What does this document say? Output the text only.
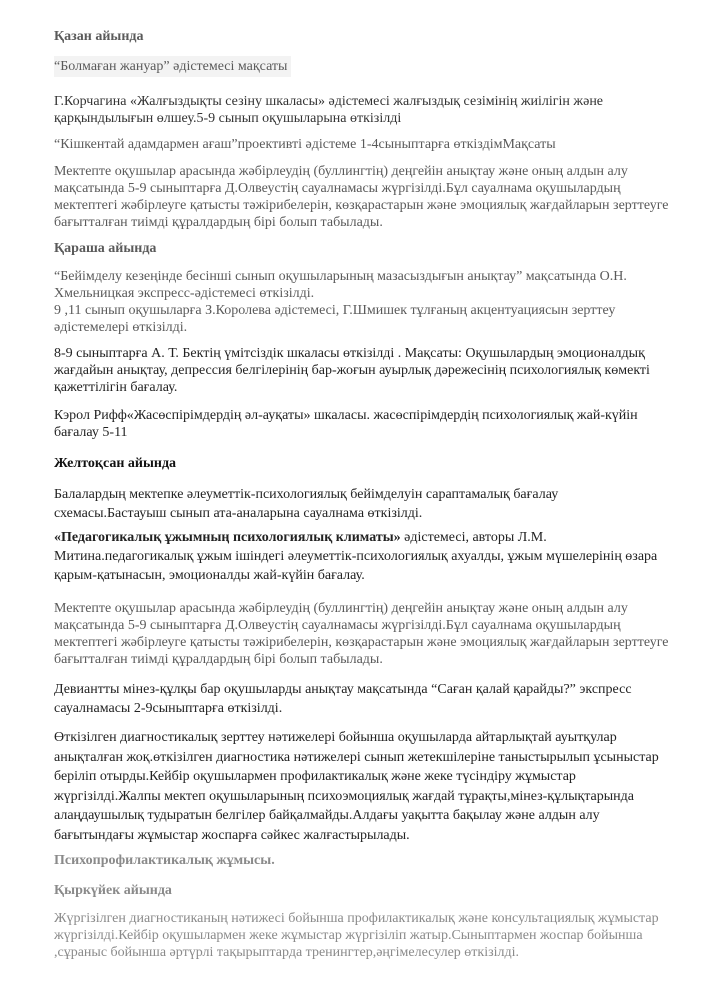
Қазан айында

“Болмаған жануар” әдістемесі мақсаты

Г.Корчагина «Жалғыздықты сезіну шкаласы» әдістемесі жалғыздық сезімінің жиілігін және қарқындылығын өлшеу.5-9 сынып оқушыларына өткізілді

“Кішкентай адамдармен ағаш”проективті әдістеме 1-4сыныптарға өткіздімМақсаты

Мектепте оқушылар арасында жәбірлеудің (буллингтің) деңгейін анықтау және оның алдын алу мақсатында 5-9 сыныптарға Д.Олвеустің сауалнамасы жүргізілді.Бұл сауалнама оқушылардың мектептегі жәбірлеуге қатысты тәжірибелерін, көзқарастарын және эмоциялық жағдайларын зерттеуге бағытталған тиімді құралдардың бірі болып табылады.

Қараша айында

“Бейімделу кезеңінде бесінші сынып оқушыларының мазасыздығын анықтау” мақсатында О.Н. Хмельницкая экспресс-әдістемесі өткізілді.

9 ,11 сынып оқушыларға З.Королева әдістемесі, Г.Шмишек тұлғаның акцентуациясын зерттеу әдістемелері өткізілді.

8-9 сыныптарға А. Т. Бектің үмітсіздік шкаласы өткізілді . Мақсаты: Оқушылардың эмоционалдық жағдайын анықтау, депрессия белгілерінің бар-жоғын ауырлық дәрежесінің психологиялық көмекті қажеттілігін бағалау.

Кэрол Рифф«Жасөспірімдердің әл-ауқаты» шкаласы. жасөспірімдердің психологиялық жай-күйін бағалау 5-11

Желтоқсан айында

Балалардың мектепке әлеуметтік-психологиялық бейімделуін сараптамалық бағалау схемасы.Бастауыш сынып ата-аналарына сауалнама өткізілді.

«Педагогикалық ұжымның психологиялық климаты» әдістемесі, авторы Л.М. Митина.педагогикалық ұжым ішіндегі әлеуметтік-психологиялық ахуалды, ұжым мүшелерінің өзара қарым-қатынасын, эмоционалды жай-күйін бағалау.

Мектепте оқушылар арасында жәбірлеудің (буллингтің) деңгейін анықтау және оның алдын алу мақсатында 5-9 сыныптарға Д.Олвеустің сауалнамасы жүргізілді.Бұл сауалнама оқушылардың мектептегі жәбірлеуге қатысты тәжірибелерін, көзқарастарын және эмоциялық жағдайларын зерттеуге бағытталған тиімді құралдардың бірі болып табылады.

Девиантты мінез-құлқы бар оқушыларды анықтау мақсатында “Саған қалай қарайды?” экспресс сауалнамасы 2-9сыныптарға өткізілді.

Өткізілген диагностикалық зерттеу нәтижелері бойынша оқушыларда айтарлықтай ауытқулар анықталған жоқ.өткізілген диагностика нәтижелері сынып жетекшілеріне таныстырылып ұсыныстар беріліп отырды.Кейбір оқушылармен профилактикалық және жеке түсіндіру жұмыстар жүргізілді.Жалпы мектеп оқушыларының психоэмоциялық жағдай тұрақты,мінез-құлықтарында алаңдаушылық тудыратын белгілер байқалмайды.Алдағы уақытта бақылау және алдын алу бағытындағы жұмыстар жоспарға сәйкес жалғастырылады.

Психопрофилактикалық жұмысы.

Қыркүйек айында

Жүргізілген диагностиканың нәтижесі бойынша профилактикалық және консультациялық жұмыстар жүргізілді.Кейбір оқушылармен жеке жұмыстар жүргізіліп жатыр.Сыныптармен жоспар бойынша ,сұраныс бойынша әртүрлі тақырыптарда тренингтер,әңгімелесулер өткізілді.
